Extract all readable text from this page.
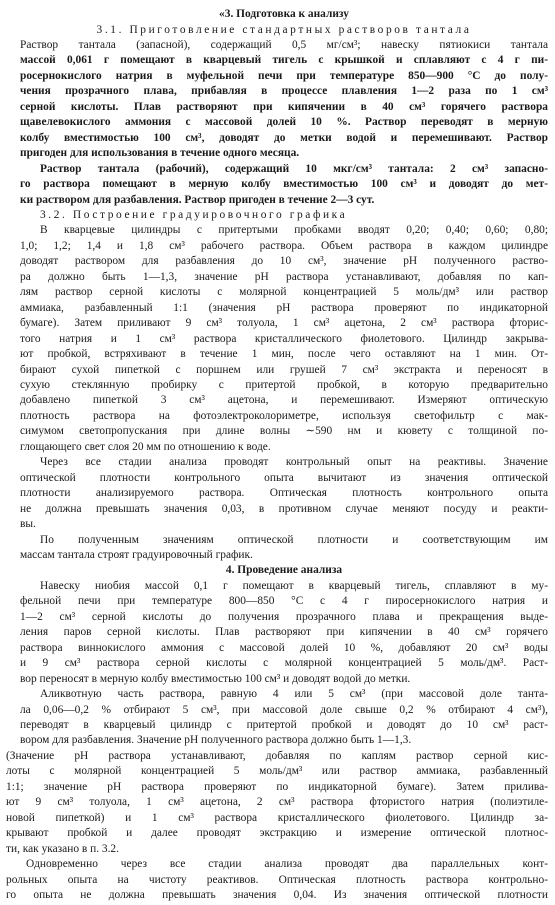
«3. Подготовка к анализу
3.1. Приготовление стандартных растворов тантала
Раствор тантала (запасной), содержащий 0,5 мг/см³; навеску пятиокиси тантала
массой 0,061 г помещают в кварцевый тигель с крышкой и сплавляют с 4 г пи-
росернокислого натрия в муфельной печи при температуре 850—900 °С до полу-
чения прозрачного плава, прибавляя в процессе плавления 1—2 раза по 1 см³
серной кислоты. Плав растворяют при кипячении в 40 см³ горячего раствора
щавелевокислого аммония с массовой долей 10 %. Раствор переводят в мерную
колбу вместимостью 100 см³, доводят до метки водой и перемешивают. Раствор
пригоден для использования в течение одного месяца.
Раствор тантала (рабочий), содержащий 10 мкг/см³ тантала: 2 см³ запасно-
го раствора помещают в мерную колбу вместимостью 100 см³ и доводят до мет-
ки раствором для разбавления. Раствор пригоден в течение 2—3 сут.
3.2. Построение градуировочного графика
В кварцевые цилиндры с притертыми пробками вводят 0,20; 0,40; 0,60; 0,80;
1,0; 1,2; 1,4 и 1,8 см³ рабочего раствора. Объем раствора в каждом цилиндре
доводят раствором для разбавления до 10 см³, значение pH полученного раство-
ра должно быть 1—1,3, значение pH раствора устанавливают, добавляя по кап-
лям раствор серной кислоты с молярной концентрацией 5 моль/дм³ или раствор
аммиака, разбавленный 1:1 (значения pH раствора проверяют по индикаторной
бумаге). Затем приливают 9 см³ толуола, 1 см³ ацетона, 2 см³ раствора фторис-
того натрия и 1 см³ раствора кристаллического фиолетового. Цилиндр закрыва-
ют пробкой, встряхивают в течение 1 мин, после чего оставляют на 1 мин. От-
бирают сухой пипеткой с поршнем или грушей 7 см³ экстракта и переносят в
сухую стеклянную пробирку с притертой пробкой, в которую предварительно
добавлено пипеткой 3 см³ ацетона, и перемешивают. Измеряют оптическую
плотность раствора на фотоэлектроколориметре, используя светофильтр с мак-
симумом светопропускания при длине волны ∼590 нм и кювету с толщиной по-
глощающего свет слоя 20 мм по отношению к воде.
Через все стадии анализа проводят контрольный опыт на реактивы. Значение
оптической плотности контрольного опыта вычитают из значения оптической
плотности анализируемого раствора. Оптическая плотность контрольного опыта
не должна превышать значения 0,03, в противном случае меняют посуду и реакти-
вы.
По полученным значениям оптической плотности и соответствующим им
массам тантала строят градуировочный график.
4. Проведение анализа
Навеску ниобия массой 0,1 г помещают в кварцевый тигель, сплавляют в му-
фельной печи при температуре 800—850 °С с 4 г пиросернокислого натрия и
1—2 см³ серной кислоты до получения прозрачного плава и прекращения выде-
ления паров серной кислоты. Плав растворяют при кипячении в 40 см³ горячего
раствора виннокислого аммония с массовой долей 10 %, добавляют 20 см³ воды
и 9 см³ раствора серной кислоты с молярной концентрацией 5 моль/дм³. Раст-
вор переносят в мерную колбу вместимостью 100 см³ и доводят водой до метки.
Аликвотную часть раствора, равную 4 или 5 см³ (при массовой доле танта-
ла 0,06—0,2 % отбирают 5 см³, при массовой доле свыше 0,2 % отбирают 4 см³),
переводят в кварцевый цилиндр с притертой пробкой и доводят до 10 см³ раст-
вором для разбавления. Значение pH полученного раствора должно быть 1—1,3.
(Значение pH раствора устанавливают, добавляя по каплям раствор серной кис-
лоты с молярной концентрацией 5 моль/дм³ или раствор аммиака, разбавленный
1:1; значение pH раствора проверяют по индикаторной бумаге). Затем прилива-
ют 9 см³ толуола, 1 см³ ацетона, 2 см³ раствора фтористого натрия (полиэтиле-
новой пипеткой) и 1 см³ раствора кристаллического фиолетового. Цилиндр за-
крывают пробкой и далее проводят экстракцию и измерение оптической плотнос-
ти, как указано в п. 3.2.
Одновременно через все стадии анализа проводят два параллельных конт-
рольных опыта на чистоту реактивов. Оптическая плотность раствора контрольно-
го опыта не должна превышать значения 0,04. Из значения оптической плотности
